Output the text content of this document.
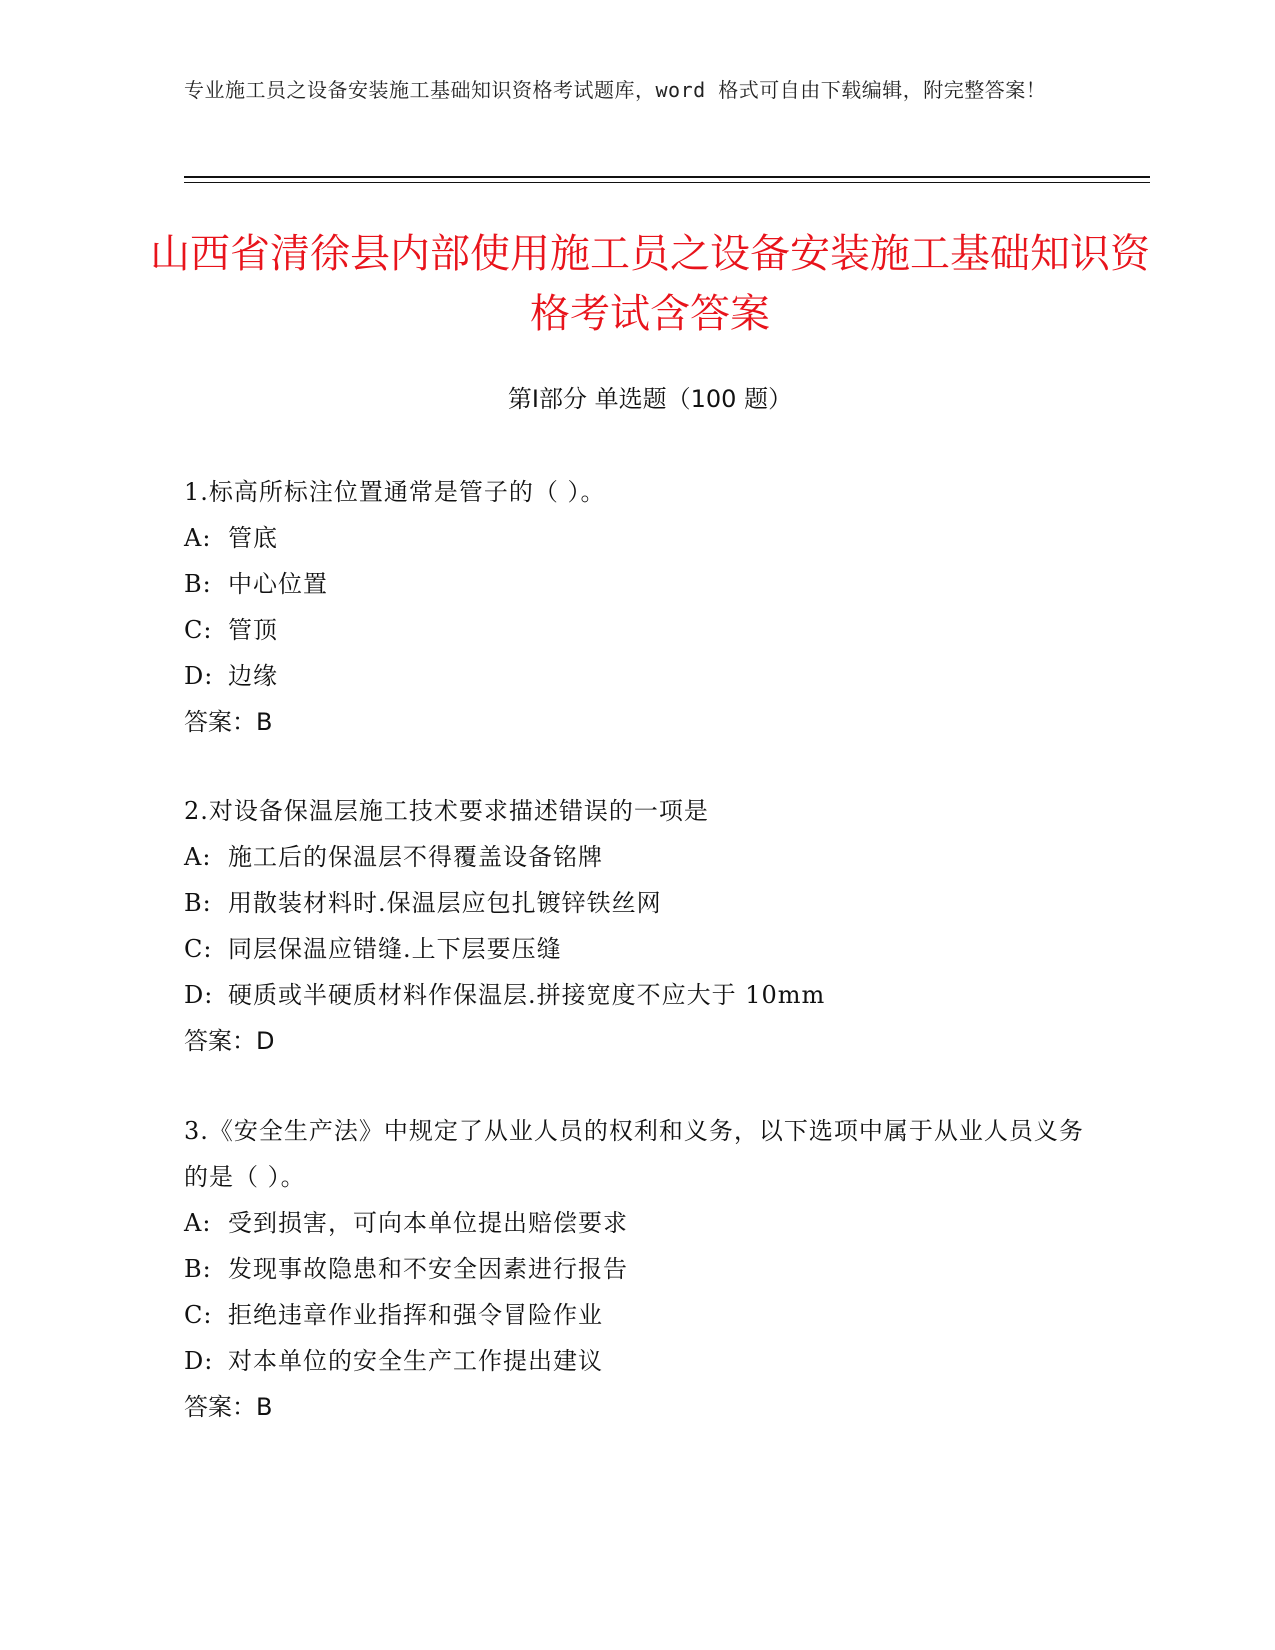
专业施工员之设备安装施工基础知识资格考试题库，word 格式可自由下载编辑，附完整答案！
山西省清徐县内部使用施工员之设备安装施工基础知识资格考试含答案
第Ⅰ部分 单选题（100 题）
1.标高所标注位置通常是管子的（ ）。
A: 管底
B: 中心位置
C: 管顶
D: 边缘
答案：B
2.对设备保温层施工技术要求描述错误的一项是
A: 施工后的保温层不得覆盖设备铭牌
B: 用散装材料时.保温层应包扎镀锌铁丝网
C: 同层保温应错缝.上下层要压缝
D: 硬质或半硬质材料作保温层.拼接宽度不应大于 10mm
答案：D
3.《安全生产法》中规定了从业人员的权利和义务，以下选项中属于从业人员义务的是（ ）。
A: 受到损害，可向本单位提出赔偿要求
B: 发现事故隐患和不安全因素进行报告
C: 拒绝违章作业指挥和强令冒险作业
D: 对本单位的安全生产工作提出建议
答案：B
